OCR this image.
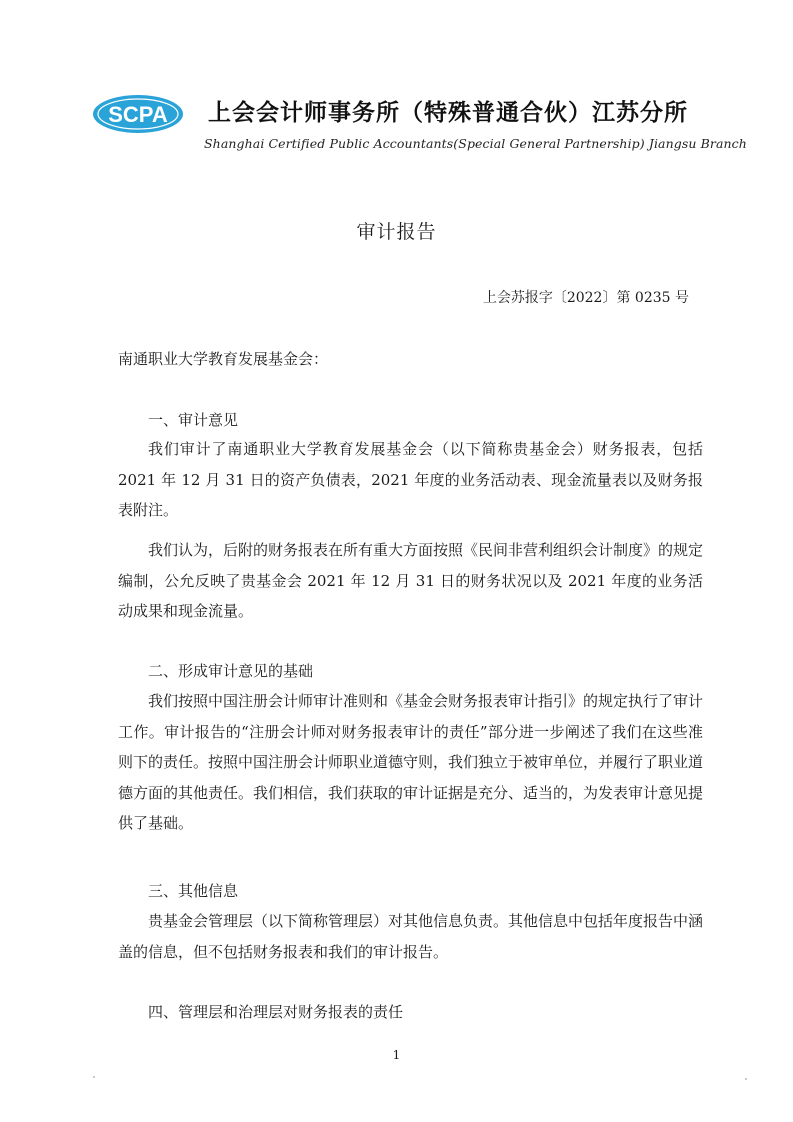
SCPA 上会会计师事务所（特殊普通合伙）江苏分所
Shanghai Certified Public Accountants(Special General Partnership) Jiangsu Branch
审计报告
上会苏报字〔2022〕第 0235 号
南通职业大学教育发展基金会：
一、审计意见

我们审计了南通职业大学教育发展基金会（以下简称贵基金会）财务报表，包括 2021 年 12 月 31 日的资产负债表，2021 年度的业务活动表、现金流量表以及财务报表附注。

我们认为，后附的财务报表在所有重大方面按照《民间非营利组织会计制度》的规定编制，公允反映了贵基金会 2021 年 12 月 31 日的财务状况以及 2021 年度的业务活动成果和现金流量。

二、形成审计意见的基础

我们按照中国注册会计师审计准则和《基金会财务报表审计指引》的规定执行了审计工作。审计报告的“注册会计师对财务报表审计的责任”部分进一步阐述了我们在这些准则下的责任。按照中国注册会计师职业道德守则，我们独立于被审单位，并履行了职业道德方面的其他责任。我们相信，我们获取的审计证据是充分、适当的，为发表审计意见提供了基础。

三、其他信息

贵基金会管理层（以下简称管理层）对其他信息负责。其他信息中包括年度报告中涵盖的信息，但不包括财务报表和我们的审计报告。

四、管理层和治理层对财务报表的责任
1
